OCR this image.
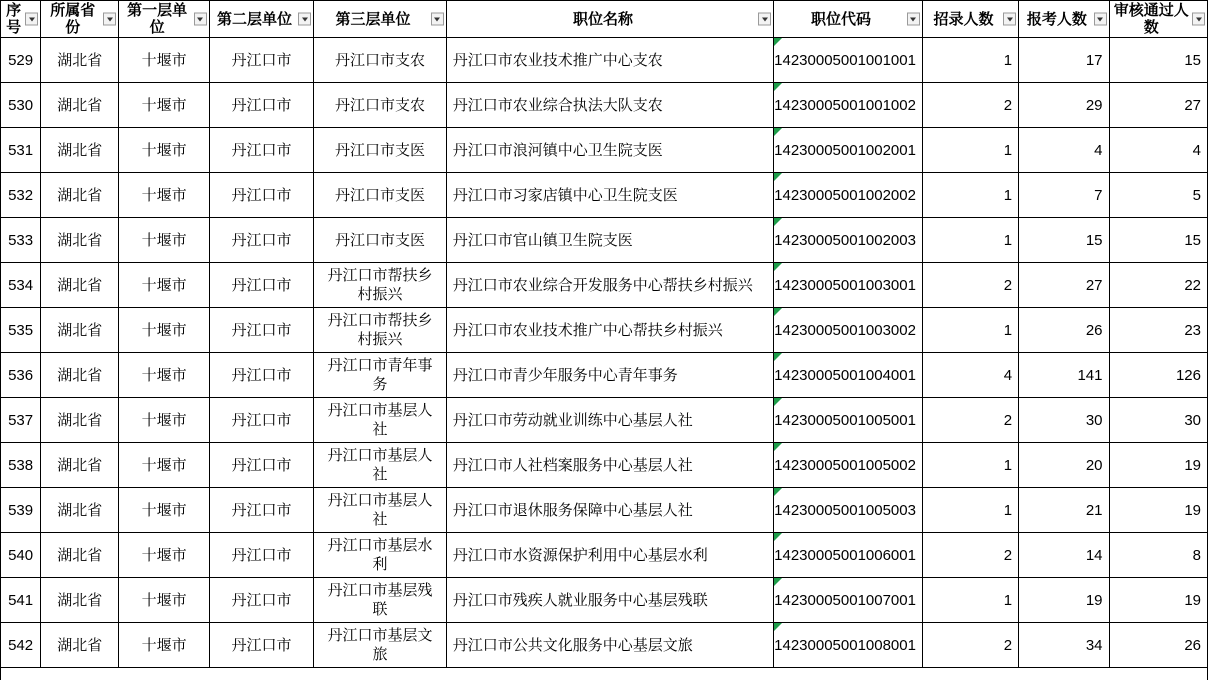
序号	所属省份	第一层单位	第二层单位	第三层单位	职位名称	职位代码	招录人数	报考人数	审核通过人数

529	湖北省	十堰市	丹江口市	丹江口市支农	丹江口市农业技术推广中心支农	14230005001001001	1	17	15

530	湖北省	十堰市	丹江口市	丹江口市支农	丹江口市农业综合执法大队支农	14230005001001002	2	29	27

531	湖北省	十堰市	丹江口市	丹江口市支医	丹江口市浪河镇中心卫生院支医	14230005001002001	1	4	4

532	湖北省	十堰市	丹江口市	丹江口市支医	丹江口市习家店镇中心卫生院支医	14230005001002002	1	7	5

533	湖北省	十堰市	丹江口市	丹江口市支医	丹江口市官山镇卫生院支医	14230005001002003	1	15	15

534	湖北省	十堰市	丹江口市	丹江口市帮扶乡村振兴	丹江口市农业综合开发服务中心帮扶乡村振兴	14230005001003001	2	27	22

535	湖北省	十堰市	丹江口市	丹江口市帮扶乡村振兴	丹江口市农业技术推广中心帮扶乡村振兴	14230005001003002	1	26	23

536	湖北省	十堰市	丹江口市	丹江口市青年事务	丹江口市青少年服务中心青年事务	14230005001004001	4	141	126

537	湖北省	十堰市	丹江口市	丹江口市基层人社	丹江口市劳动就业训练中心基层人社	14230005001005001	2	30	30

538	湖北省	十堰市	丹江口市	丹江口市基层人社	丹江口市人社档案服务中心基层人社	14230005001005002	1	20	19

539	湖北省	十堰市	丹江口市	丹江口市基层人社	丹江口市退休服务保障中心基层人社	14230005001005003	1	21	19

540	湖北省	十堰市	丹江口市	丹江口市基层水利	丹江口市水资源保护利用中心基层水利	14230005001006001	2	14	8

541	湖北省	十堰市	丹江口市	丹江口市基层残联	丹江口市残疾人就业服务中心基层残联	14230005001007001	1	19	19

542	湖北省	十堰市	丹江口市	丹江口市基层文旅	丹江口市公共文化服务中心基层文旅	14230005001008001	2	34	26
